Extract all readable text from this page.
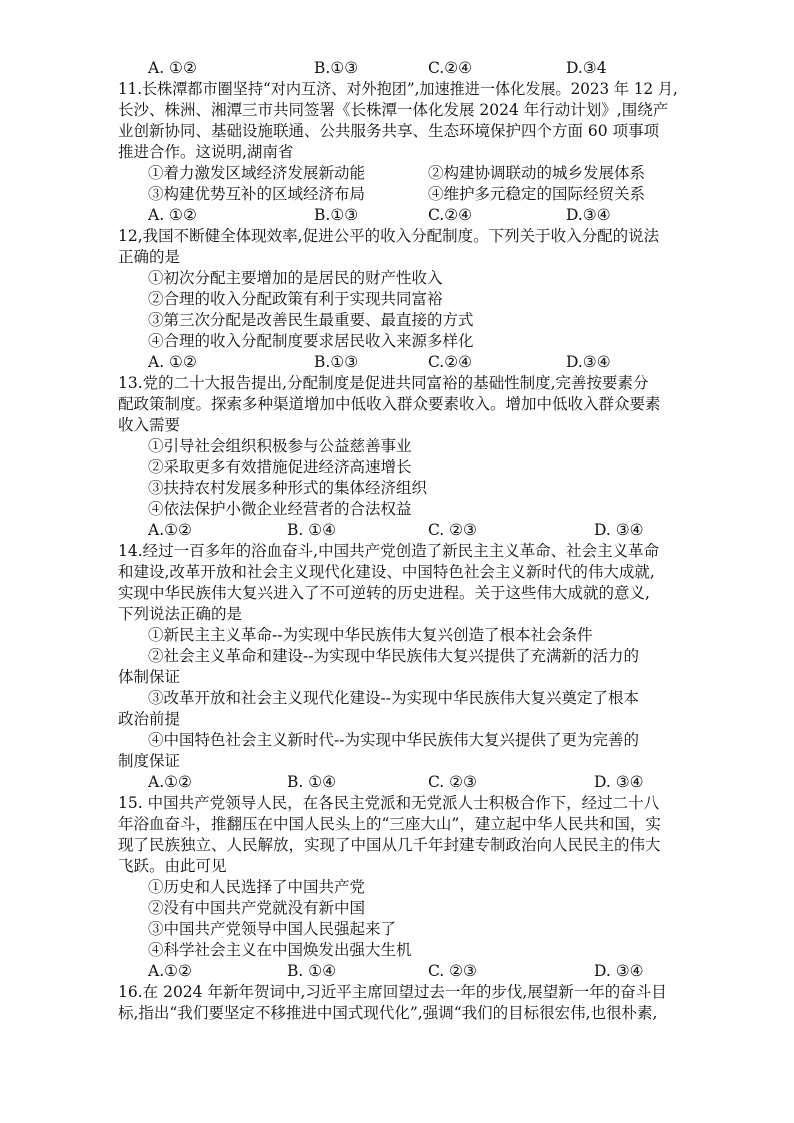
A. ①②	B.①③	C.②④	D.③4
11.长株潭都市圈坚持“对内互济、对外抱团”,加速推进一体化发展。2023 年 12 月,
长沙、株洲、湘潭三市共同签署《长株潭一体化发展 2024 年行动计划》,围绕产
业创新协同、基础设施联通、公共服务共享、生态环境保护四个方面 60 项事项
推进合作。这说明,湖南省
①着力激发区域经济发展新动能	②构建协调联动的城乡发展体系
③构建优势互补的区域经济布局	④维护多元稳定的国际经贸关系
A. ①②	B.①③	C.②④	D.③④
12,我国不断健全体现效率,促进公平的收入分配制度。下列关于收入分配的说法
正确的是
①初次分配主要增加的是居民的财产性收入
②合理的收入分配政策有利于实现共同富裕
③第三次分配是改善民生最重要、最直接的方式
④合理的收入分配制度要求居民收入来源多样化
A. ①②	B.①③	C.②④	D.③④
13.党的二十大报告提出,分配制度是促进共同富裕的基础性制度,完善按要素分
配政策制度。探索多种渠道增加中低收入群众要素收入。增加中低收入群众要素
收入需要
①引导社会组织积极参与公益慈善事业
②采取更多有效措施促进经济高速增长
③扶持农村发展多种形式的集体经济组织
④依法保护小微企业经营者的合法权益
A.①②	B. ①④	C. ②③	D. ③④
14.经过一百多年的浴血奋斗,中国共产党创造了新民主主义革命、社会主义革命
和建设,改革开放和社会主义现代化建设、中国特色社会主义新时代的伟大成就,
实现中华民族伟大复兴进入了不可逆转的历史进程。关于这些伟大成就的意义,
下列说法正确的是
①新民主主义革命--为实现中华民族伟大复兴创造了根本社会条件
②社会主义革命和建设--为实现中华民族伟大复兴提供了充满新的活力的
体制保证
③改革开放和社会主义现代化建设--为实现中华民族伟大复兴奠定了根本
政治前提
④中国特色社会主义新时代--为实现中华民族伟大复兴提供了更为完善的
制度保证
A.①②	B. ①④	C. ②③	D. ③④
15. 中国共产党领导人民，在各民主党派和无党派人士积极合作下，经过二十八
年浴血奋斗，推翻压在中国人民头上的“三座大山”，建立起中华人民共和国，实
现了民族独立、人民解放，实现了中国从几千年封建专制政治向人民民主的伟大
飞跃。由此可见
①历史和人民选择了中国共产党
②没有中国共产党就没有新中国
③中国共产党领导中国人民强起来了
④科学社会主义在中国焕发出强大生机
A.①②	B. ①④	C. ②③	D. ③④
16.在 2024 年新年贺词中,习近平主席回望过去一年的步伐,展望新一年的奋斗目
标,指出“我们要坚定不移推进中国式现代化”,强调“我们的目标很宏伟,也很朴素,
